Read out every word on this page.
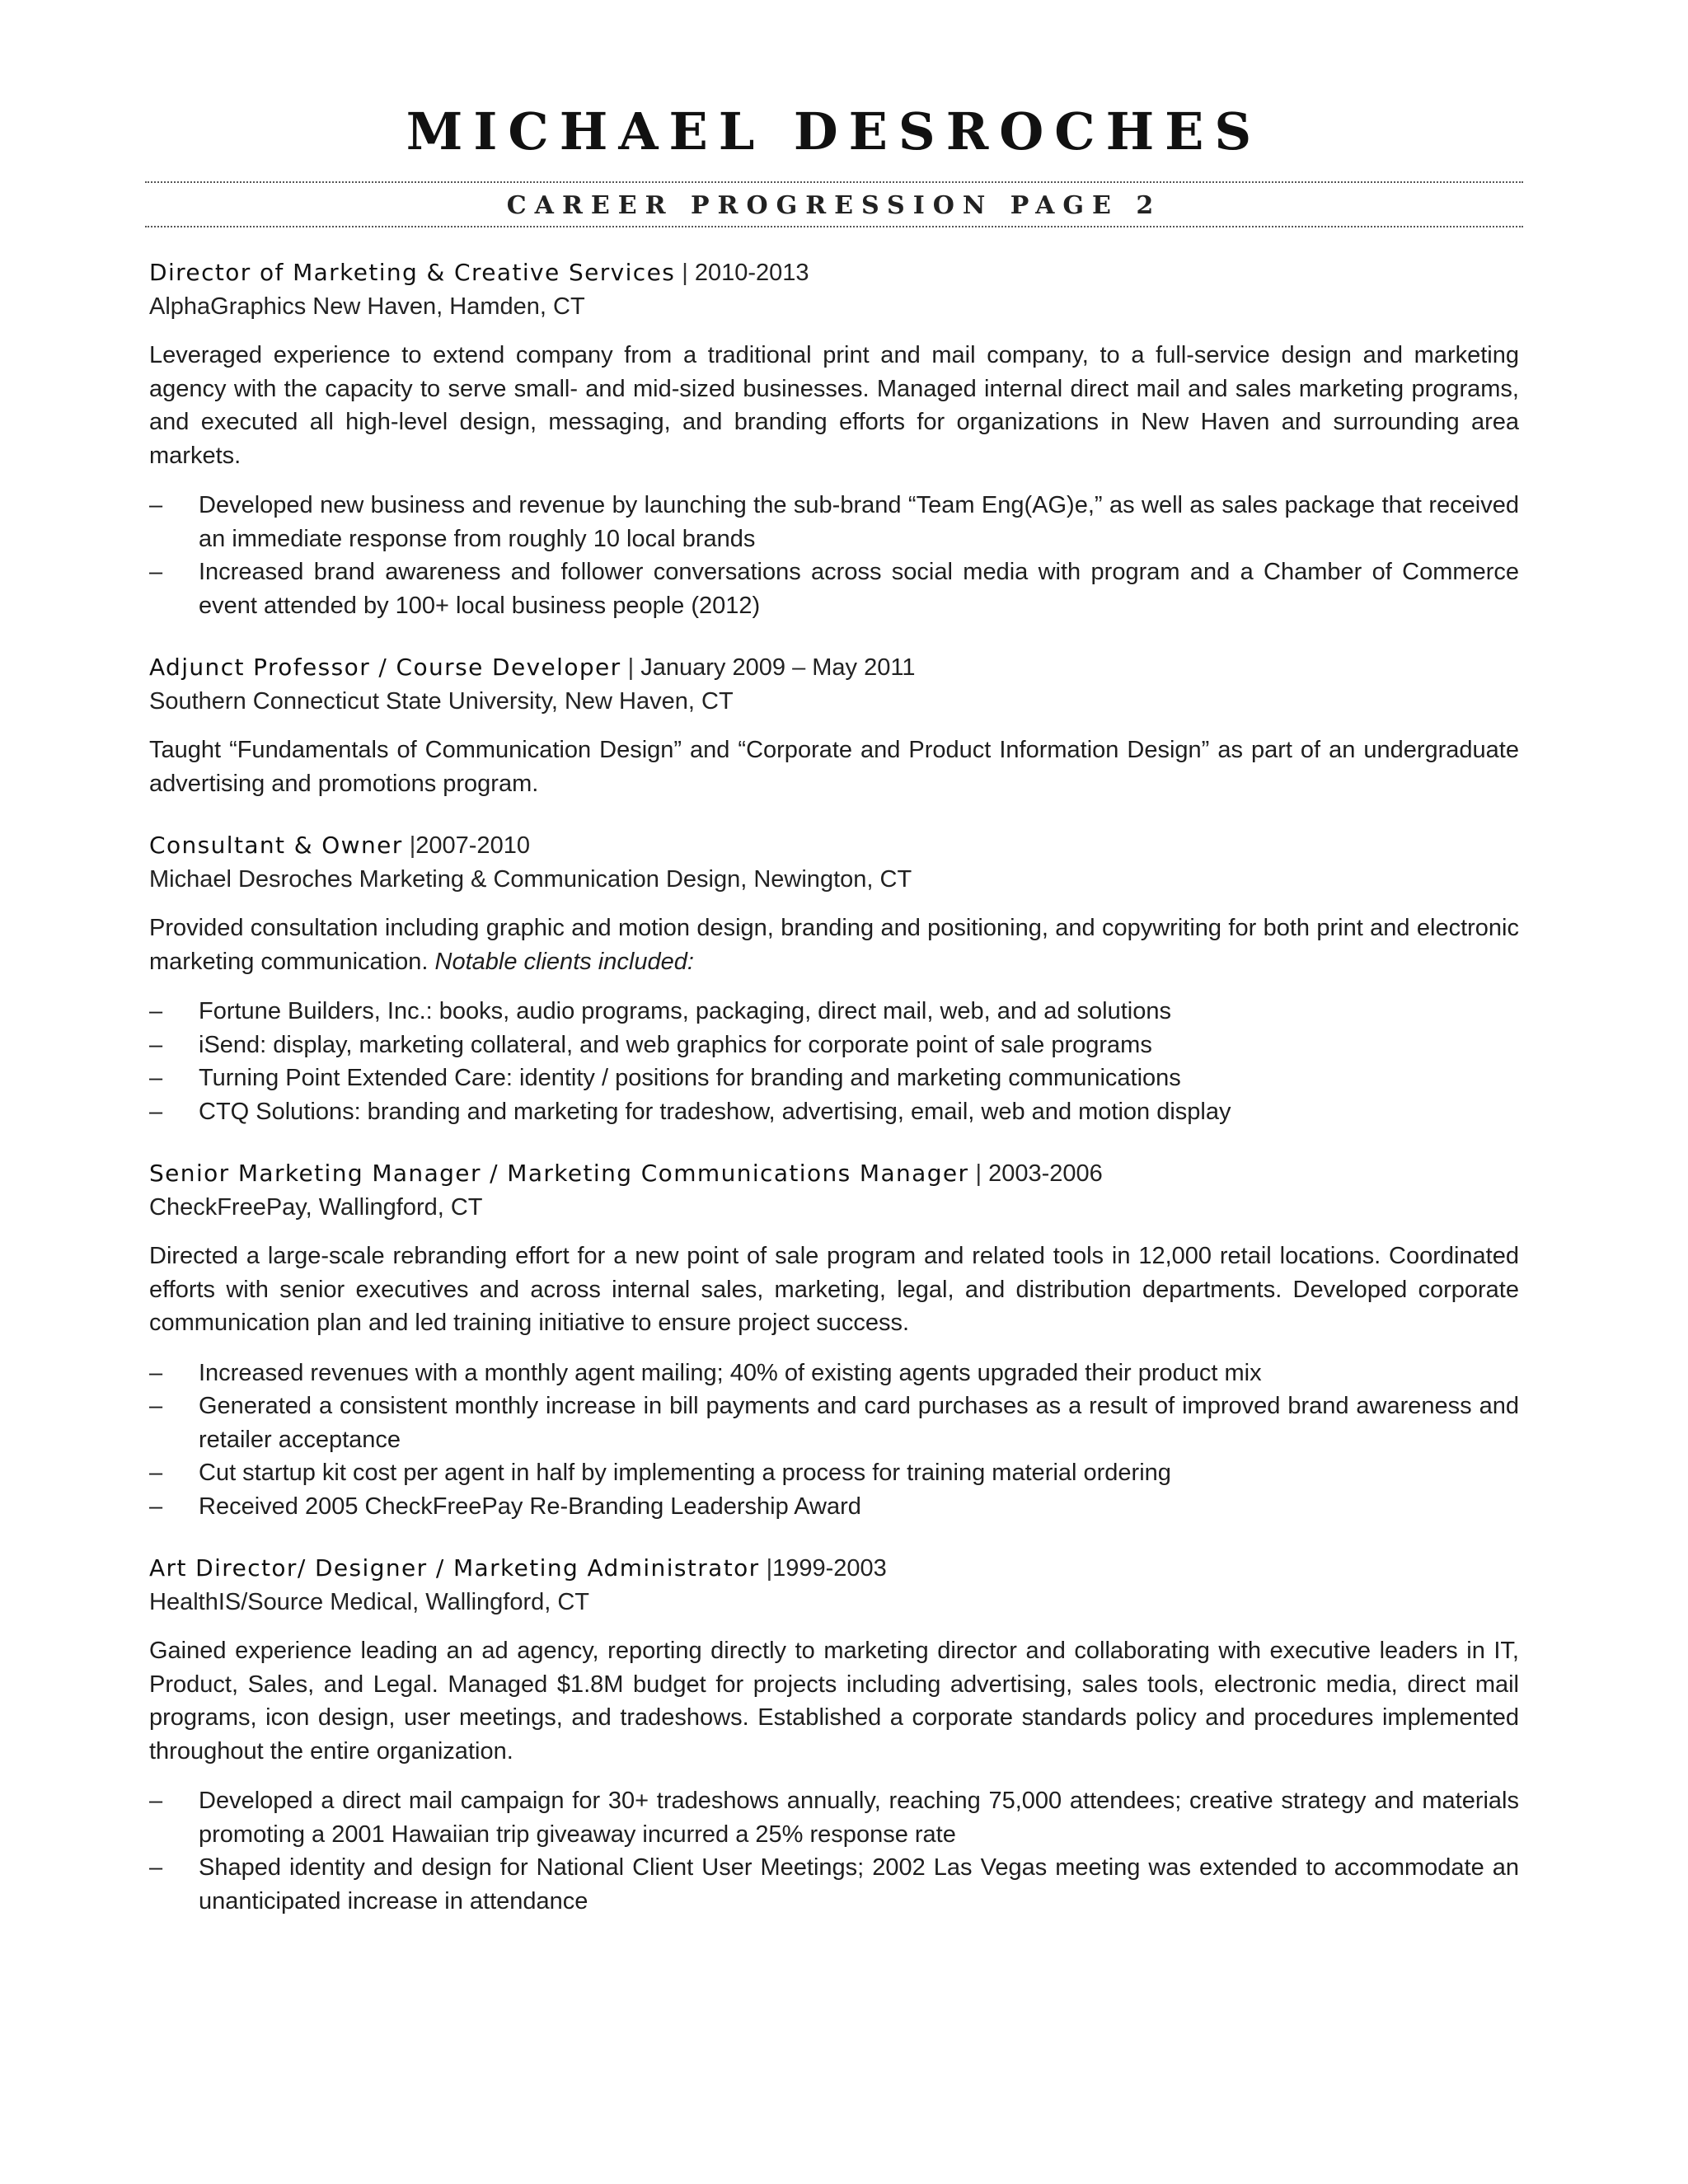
MICHAEL DESROCHES
CAREER PROGRESSION PAGE 2
Director of Marketing & Creative Services | 2010-2013
AlphaGraphics New Haven, Hamden, CT
Leveraged experience to extend company from a traditional print and mail company, to a full-service design and marketing agency with the capacity to serve small- and mid-sized businesses. Managed internal direct mail and sales marketing programs, and executed all high-level design, messaging, and branding efforts for organizations in New Haven and surrounding area markets.
– Developed new business and revenue by launching the sub-brand “Team Eng(AG)e,” as well as sales package that received an immediate response from roughly 10 local brands
– Increased brand awareness and follower conversations across social media with program and a Chamber of Commerce event attended by 100+ local business people (2012)
Adjunct Professor / Course Developer | January 2009 – May 2011
Southern Connecticut State University, New Haven, CT
Taught “Fundamentals of Communication Design” and “Corporate and Product Information Design” as part of an undergraduate advertising and promotions program.
Consultant & Owner |2007-2010
Michael Desroches Marketing & Communication Design, Newington, CT
Provided consultation including graphic and motion design, branding and positioning, and copywriting for both print and electronic marketing communication. Notable clients included:
– Fortune Builders, Inc.: books, audio programs, packaging, direct mail, web, and ad solutions
– iSend: display, marketing collateral, and web graphics for corporate point of sale programs
– Turning Point Extended Care: identity / positions for branding and marketing communications
– CTQ Solutions: branding and marketing for tradeshow, advertising, email, web and motion display
Senior Marketing Manager / Marketing Communications Manager | 2003-2006
CheckFreePay, Wallingford, CT
Directed a large-scale rebranding effort for a new point of sale program and related tools in 12,000 retail locations. Coordinated efforts with senior executives and across internal sales, marketing, legal, and distribution departments. Developed corporate communication plan and led training initiative to ensure project success.
– Increased revenues with a monthly agent mailing; 40% of existing agents upgraded their product mix
– Generated a consistent monthly increase in bill payments and card purchases as a result of improved brand awareness and retailer acceptance
– Cut startup kit cost per agent in half by implementing a process for training material ordering
– Received 2005 CheckFreePay Re-Branding Leadership Award
Art Director/ Designer / Marketing Administrator |1999-2003
HealthIS/Source Medical, Wallingford, CT
Gained experience leading an ad agency, reporting directly to marketing director and collaborating with executive leaders in IT, Product, Sales, and Legal. Managed $1.8M budget for projects including advertising, sales tools, electronic media, direct mail programs, icon design, user meetings, and tradeshows. Established a corporate standards policy and procedures implemented throughout the entire organization.
– Developed a direct mail campaign for 30+ tradeshows annually, reaching 75,000 attendees; creative strategy and materials promoting a 2001 Hawaiian trip giveaway incurred a 25% response rate
– Shaped identity and design for National Client User Meetings; 2002 Las Vegas meeting was extended to accommodate an unanticipated increase in attendance
